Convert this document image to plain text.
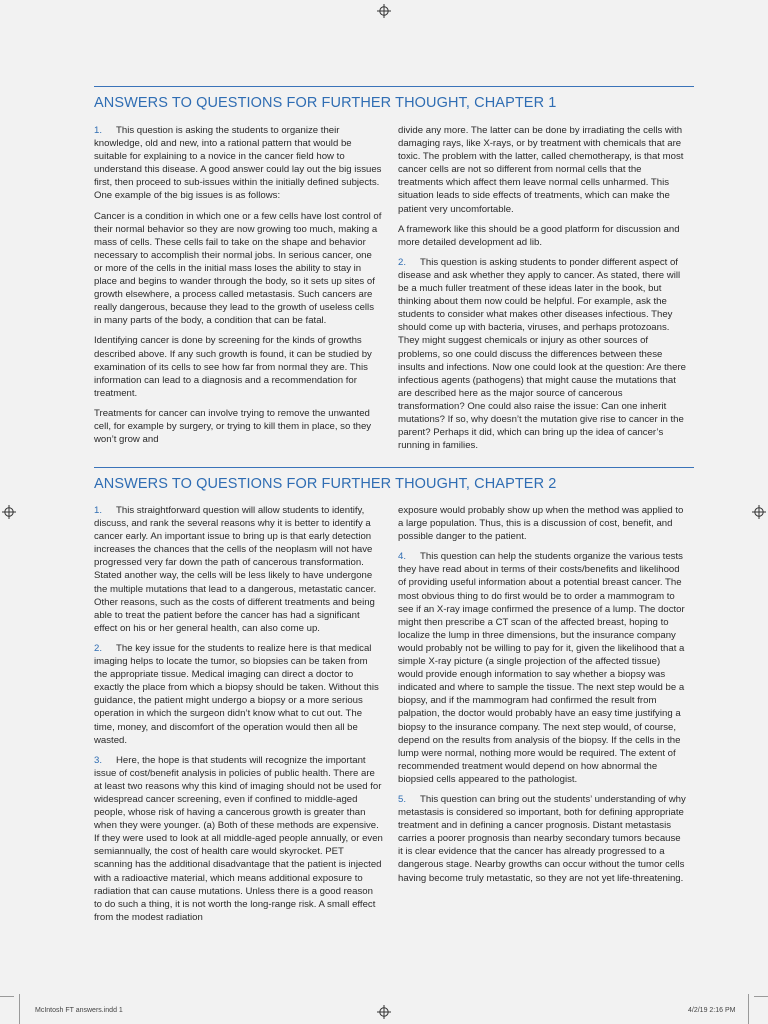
ANSWERS TO QUESTIONS FOR FURTHER THOUGHT, CHAPTER 1

1. This question is asking the students to organize their knowledge, old and new, into a rational pattern that would be suitable for explaining to a novice in the cancer field how to understand this disease. A good answer could lay out the big issues first, then proceed to sub-issues within the initially defined subjects. One example of the big issues is as follows:

Cancer is a condition in which one or a few cells have lost control of their normal behavior so they are now growing too much, making a mass of cells. These cells fail to take on the shape and behavior necessary to accomplish their normal jobs. In serious cancer, one or more of the cells in the initial mass loses the ability to stay in place and begins to wander through the body, so it sets up sites of growth elsewhere, a process called metastasis. Such cancers are really dangerous, because they lead to the growth of useless cells in many parts of the body, a condition that can be fatal.

Identifying cancer is done by screening for the kinds of growths described above. If any such growth is found, it can be studied by examination of its cells to see how far from normal they are. This information can lead to a diagnosis and a recommendation for treatment.

Treatments for cancer can involve trying to remove the unwanted cell, for example by surgery, or trying to kill them in place, so they won’t grow and

divide any more. The latter can be done by irradiating the cells with damaging rays, like X-rays, or by treatment with chemicals that are toxic. The problem with the latter, called chemotherapy, is that most cancer cells are not so different from normal cells that the treatments which affect them leave normal cells unharmed. This situation leads to side effects of treatments, which can make the patient very uncomfortable.

A framework like this should be a good platform for discussion and more detailed development ad lib.

2. This question is asking students to ponder different aspect of disease and ask whether they apply to cancer. As stated, there will be a much fuller treatment of these ideas later in the book, but thinking about them now could be helpful. For example, ask the students to consider what makes other diseases infectious. They should come up with bacteria, viruses, and perhaps protozoans. They might suggest chemicals or injury as other sources of problems, so one could discuss the differences between these insults and infections. Now one could look at the question: Are there infectious agents (pathogens) that might cause the mutations that are described here as the major source of cancerous transformation? One could also raise the issue: Can one inherit mutations? If so, why doesn’t the mutation give rise to cancer in the parent? Perhaps it did, which can bring up the idea of cancer’s running in families.

ANSWERS TO QUESTIONS FOR FURTHER THOUGHT, CHAPTER 2

1. This straightforward question will allow students to identify, discuss, and rank the several reasons why it is better to identify a cancer early. An important issue to bring up is that early detection increases the chances that the cells of the neoplasm will not have progressed very far down the path of cancerous transformation. Stated another way, the cells will be less likely to have undergone the multiple mutations that lead to a dangerous, metastatic cancer. Other reasons, such as the costs of different treatments and being able to treat the patient before the cancer has had a significant effect on his or her general health, can also come up.

2. The key issue for the students to realize here is that medical imaging helps to locate the tumor, so biopsies can be taken from the appropriate tissue. Medical imaging can direct a doctor to exactly the place from which a biopsy should be taken. Without this guidance, the patient might undergo a biopsy or a more serious operation in which the surgeon didn’t know what to cut out. The time, money, and discomfort of the operation would then all be wasted.

3. Here, the hope is that students will recognize the important issue of cost/benefit analysis in policies of public health. There are at least two reasons why this kind of imaging should not be used for widespread cancer screening, even if confined to middle-aged people, whose risk of having a cancerous growth is greater than when they were younger. (a) Both of these methods are expensive. If they were used to look at all middle-aged people annually, or even semiannually, the cost of health care would skyrocket. PET scanning has the additional disadvantage that the patient is injected with a radioactive material, which means additional exposure to radiation that can cause mutations. Unless there is a good reason to do such a thing, it is not worth the long-range risk. A small effect from the modest radiation

exposure would probably show up when the method was applied to a large population. Thus, this is a discussion of cost, benefit, and possible danger to the patient.

4. This question can help the students organize the various tests they have read about in terms of their costs/benefits and likelihood of providing useful information about a potential breast cancer. The most obvious thing to do first would be to order a mammogram to see if an X-ray image confirmed the presence of a lump. The doctor might then prescribe a CT scan of the affected breast, hoping to localize the lump in three dimensions, but the insurance company would probably not be willing to pay for it, given the likelihood that a simple X-ray picture (a single projection of the affected tissue) would provide enough information to say whether a biopsy was indicated and where to sample the tissue. The next step would be a biopsy, and if the mammogram had confirmed the result from palpation, the doctor would probably have an easy time justifying a biopsy to the insurance company. The next step would, of course, depend on the results from analysis of the biopsy. If the cells in the lump were normal, nothing more would be required. The extent of recommended treatment would depend on how abnormal the biopsied cells appeared to the pathologist.

5. This question can bring out the students’ understanding of why metastasis is considered so important, both for defining appropriate treatment and in defining a cancer prognosis. Distant metastasis carries a poorer prognosis than nearby secondary tumors because it is clear evidence that the cancer has already progressed to a dangerous stage. Nearby growths can occur without the tumor cells having become truly metastatic, so they are not yet life-threatening.

McIntosh FT answers.indd 1	4/2/19 2:16 PM
